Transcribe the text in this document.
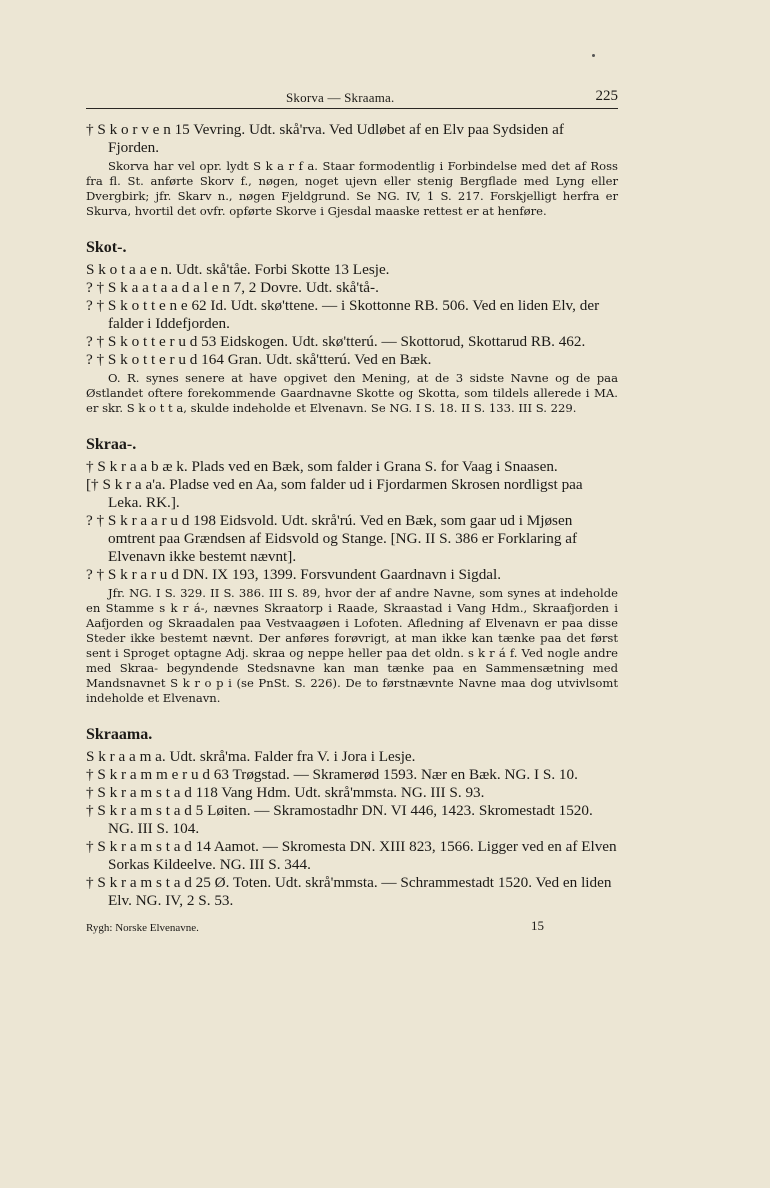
Skorva — Skraama.	225

† S k o r v e n 15 Vevring. Udt. skå'rva. Ved Udløbet af en Elv paa Sydsiden af Fjorden.

Skorva har vel opr. lydt S k a r f a. Staar formodentlig i Forbindelse med det af Ross fra fl. St. anførte Skorv f., nøgen, noget ujevn eller stenig Bergflade med Lyng eller Dvergbirk; jfr. Skarv n., nøgen Fjeldgrund. Se NG. IV, 1 S. 217. Forskjelligt herfra er Skurva, hvortil det ovfr. opførte Skorve i Gjesdal maaske rettest er at henføre.

Skot-.

S k o t a a e n. Udt. skå'tåe. Forbi Skotte 13 Lesje.

? † S k a a t a a d a l e n 7, 2 Dovre. Udt. skå'tå-.

? † S k o t t e n e 62 Id. Udt. skø'ttene. — i Skottonne RB. 506. Ved en liden Elv, der falder i Iddefjorden.

? † S k o t t e r u d 53 Eidskogen. Udt. skø'tterú. — Skottorud, Skottarud RB. 462.

? † S k o t t e r u d 164 Gran. Udt. skå'tterú. Ved en Bæk.

O. R. synes senere at have opgivet den Mening, at de 3 sidste Navne og de paa Østlandet oftere forekommende Gaardnavne Skotte og Skotta, som tildels allerede i MA. er skr. S k o t t a, skulde indeholde et Elvenavn. Se NG. I S. 18. II S. 133. III S. 229.

Skraa-.

† S k r a a b æ k. Plads ved en Bæk, som falder i Grana S. for Vaag i Snaasen.

[† S k r a a'a. Pladse ved en Aa, som falder ud i Fjordarmen Skrosen nordligst paa Leka. RK.].

? † S k r a a r u d 198 Eidsvold. Udt. skrå'rú. Ved en Bæk, som gaar ud i Mjøsen omtrent paa Grændsen af Eidsvold og Stange. [NG. II S. 386 er Forklaring af Elvenavn ikke bestemt nævnt].

? † S k r a r u d DN. IX 193, 1399. Forsvundent Gaardnavn i Sigdal.

Jfr. NG. I S. 329. II S. 386. III S. 89, hvor der af andre Navne, som synes at indeholde en Stamme s k r á-, nævnes Skraatorp i Raade, Skraastad i Vang Hdm., Skraafjorden i Aafjorden og Skraadalen paa Vestvaagøen i Lofoten. Afledning af Elvenavn er paa disse Steder ikke bestemt nævnt. Der anføres forøvrigt, at man ikke kan tænke paa det først sent i Sproget optagne Adj. skraa og neppe heller paa det oldn. s k r á f. Ved nogle andre med Skraa- begyndende Stedsnavne kan man tænke paa en Sammensætning med Mandsnavnet S k r o p i (se PnSt. S. 226). De to førstnævnte Navne maa dog utvivlsomt indeholde et Elvenavn.

Skraama.

S k r a a m a. Udt. skrå'ma. Falder fra V. i Jora i Lesje.

† S k r a m m e r u d 63 Trøgstad. — Skramerød 1593. Nær en Bæk. NG. I S. 10.

† S k r a m s t a d 118 Vang Hdm. Udt. skrå'mmsta. NG. III S. 93.

† S k r a m s t a d 5 Løiten. — Skramostadhr DN. VI 446, 1423. Skromestadt 1520. NG. III S. 104.

† S k r a m s t a d 14 Aamot. — Skromesta DN. XIII 823, 1566. Ligger ved en af Elven Sorkas Kildeelve. NG. III S. 344.

† S k r a m s t a d 25 Ø. Toten. Udt. skrå'mmsta. — Schrammestadt 1520. Ved en liden Elv. NG. IV, 2 S. 53.

Rygh: Norske Elvenavne.	15
